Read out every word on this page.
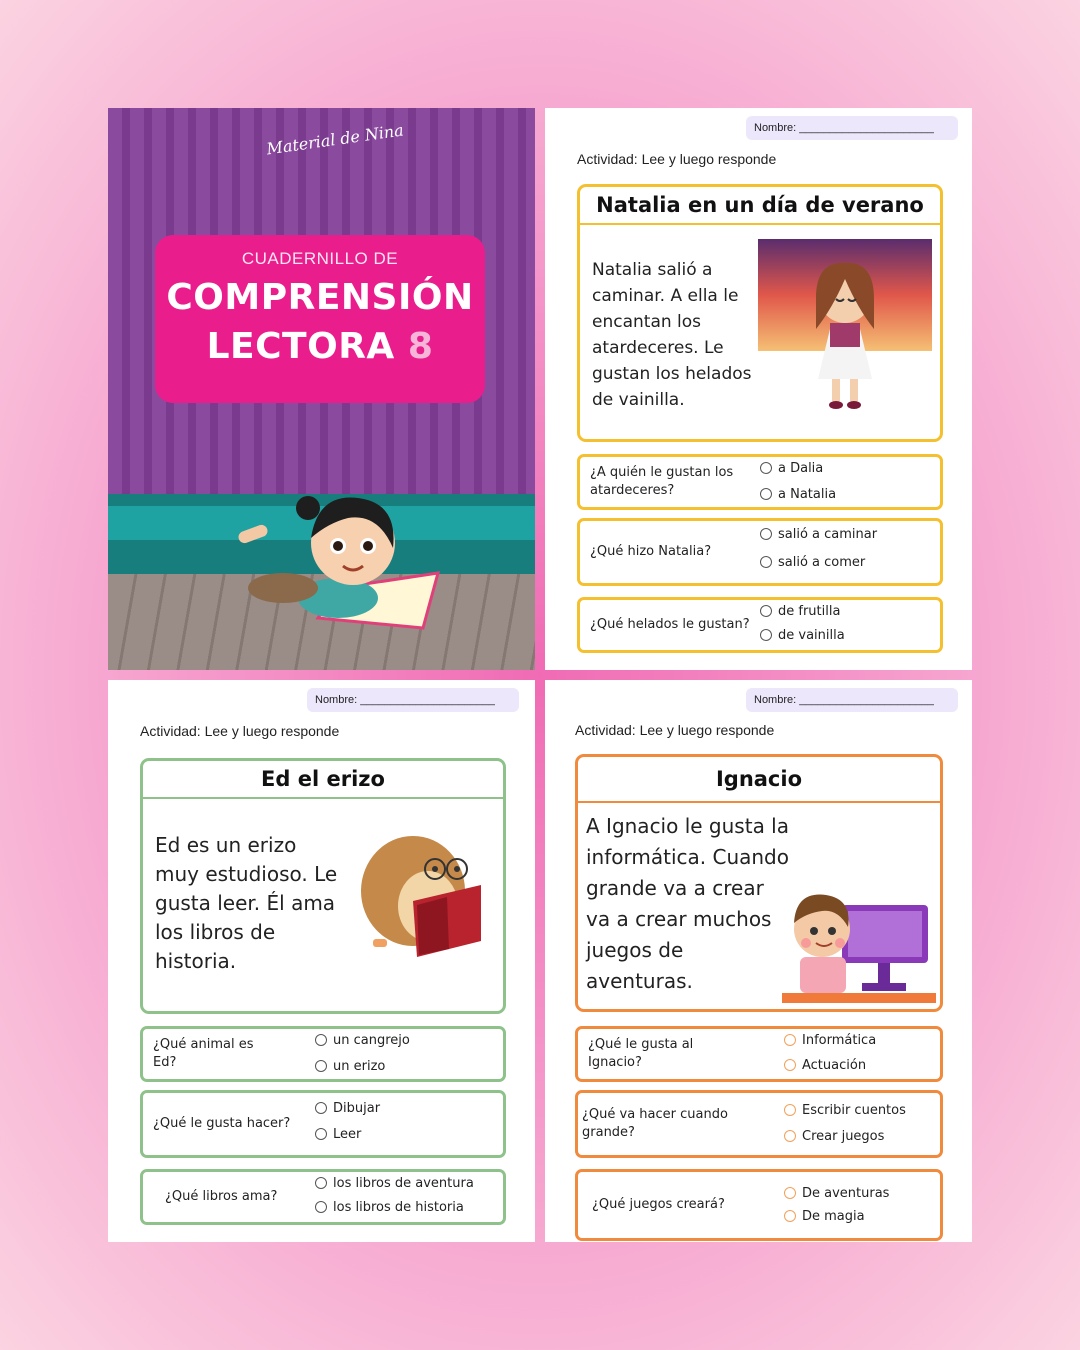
Material de Nina
CUADERNILLO DE
COMPRENSIÓN
LECTORA 8
Nombre: ______________________
Actividad: Lee y luego responde
Natalia en un día de verano
Natalia salió a caminar. A ella le encantan los atardeceres. Le gustan los helados de vainilla.
¿A quién le gustan los atardeceres?
a Dalia
a Natalia
¿Qué hizo Natalia?
salió a caminar
salió a comer
¿Qué helados le gustan?
de frutilla
de vainilla
Nombre: ______________________
Actividad: Lee y luego responde
Ed el erizo
Ed es un erizo muy estudioso. Le gusta leer. Él ama los libros de historia.
¿Qué animal es Ed?
un cangrejo
un erizo
¿Qué le gusta hacer?
Dibujar
Leer
¿Qué libros ama?
los libros de aventura
los libros de historia
Nombre: ______________________
Actividad: Lee y luego responde
Ignacio
A Ignacio le gusta la informática. Cuando grande va a crear va a crear muchos juegos de aventuras.
¿Qué le gusta al Ignacio?
Informática
Actuación
¿Qué va hacer cuando grande?
Escribir cuentos
Crear juegos
¿Qué juegos creará?
De aventuras
De magia
